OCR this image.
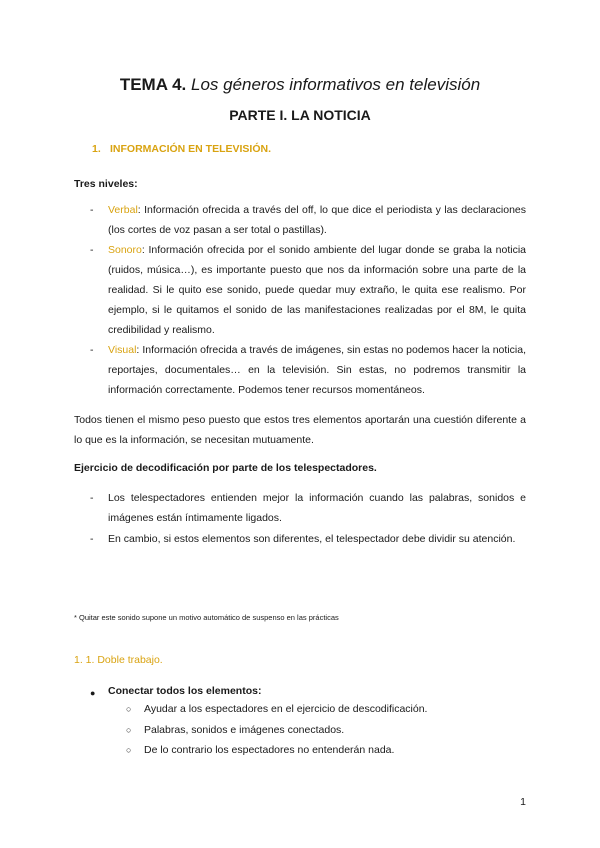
TEMA 4. Los géneros informativos en televisión
PARTE I. LA NOTICIA
1. INFORMACIÓN EN TELEVISIÓN.
Tres niveles:
- Verbal: Información ofrecida a través del off, lo que dice el periodista y las declaraciones (los cortes de voz pasan a ser total o pastillas).
- Sonoro: Información ofrecida por el sonido ambiente del lugar donde se graba la noticia (ruidos, música…), es importante puesto que nos da información sobre una parte de la realidad. Si le quito ese sonido, puede quedar muy extraño, le quita ese realismo. Por ejemplo, si le quitamos el sonido de las manifestaciones realizadas por el 8M, le quita credibilidad y realismo.
- Visual: Información ofrecida a través de imágenes, sin estas no podemos hacer la noticia, reportajes, documentales… en la televisión. Sin estas, no podremos transmitir la información correctamente. Podemos tener recursos momentáneos.
Todos tienen el mismo peso puesto que estos tres elementos aportarán una cuestión diferente a lo que es la información, se necesitan mutuamente.
Ejercicio de decodificación por parte de los telespectadores.
- Los telespectadores entienden mejor la información cuando las palabras, sonidos e imágenes están íntimamente ligados.
- En cambio, si estos elementos son diferentes, el telespectador debe dividir su atención.
* Quitar este sonido supone un motivo automático de suspenso en las prácticas
1. 1. Doble trabajo.
● Conectar todos los elementos:
○ Ayudar a los espectadores en el ejercicio de descodificación.
○ Palabras, sonidos e imágenes conectados.
○ De lo contrario los espectadores no entenderán nada.
1
